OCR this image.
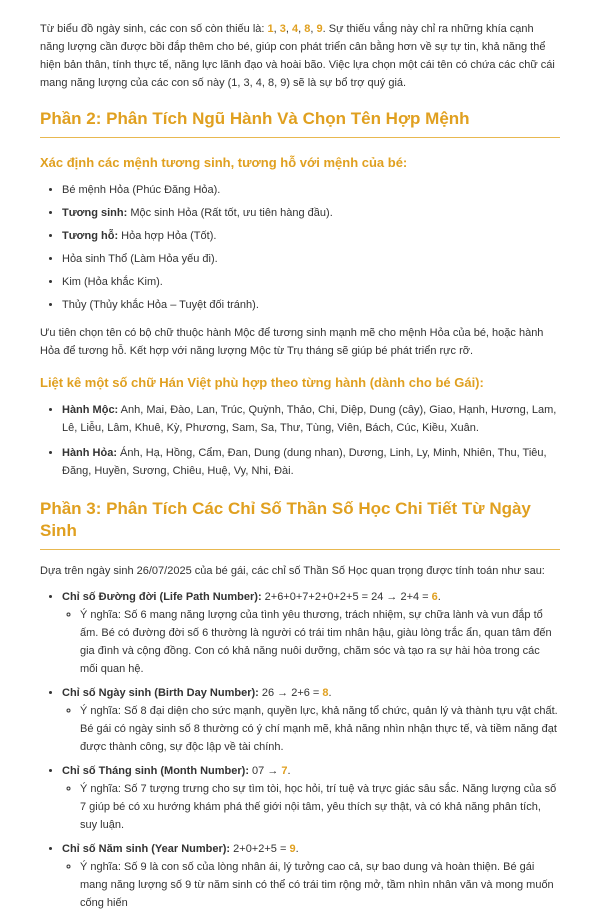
Từ biểu đồ ngày sinh, các con số còn thiếu là: 1, 3, 4, 8, 9. Sự thiếu vắng này chỉ ra những khía cạnh năng lượng cần được bồi đắp thêm cho bé, giúp con phát triển cân bằng hơn về sự tự tin, khả năng thể hiện bản thân, tính thực tế, năng lực lãnh đạo và hoài bão. Việc lựa chọn một cái tên có chứa các chữ cái mang năng lượng của các con số này (1, 3, 4, 8, 9) sẽ là sự bổ trợ quý giá.

Phần 2: Phân Tích Ngũ Hành Và Chọn Tên Hợp Mệnh
Xác định các mệnh tương sinh, tương hỗ với mệnh của bé:
• Bé mệnh Hỏa (Phúc Đăng Hỏa).
• Tương sinh: Mộc sinh Hỏa (Rất tốt, ưu tiên hàng đầu).
• Tương hỗ: Hỏa hợp Hỏa (Tốt).
• Hỏa sinh Thổ (Làm Hỏa yếu đi).
• Kim (Hỏa khắc Kim).
• Thủy (Thủy khắc Hỏa – Tuyệt đối tránh).

Ưu tiên chọn tên có bộ chữ thuộc hành Mộc để tương sinh mạnh mẽ cho mệnh Hỏa của bé, hoặc hành Hỏa để tương hỗ. Kết hợp với năng lượng Mộc từ Trụ tháng sẽ giúp bé phát triển rực rỡ.

Liệt kê một số chữ Hán Việt phù hợp theo từng hành (dành cho bé Gái):
• Hành Mộc: Anh, Mai, Đào, Lan, Trúc, Quỳnh, Thảo, Chi, Diệp, Dung (cây), Giao, Hạnh, Hương, Lam, Lê, Liễu, Lâm, Khuê, Kỳ, Phương, Sam, Sa, Thư, Tùng, Viên, Bách, Cúc, Kiều, Xuân.
• Hành Hỏa: Ánh, Hạ, Hồng, Cẩm, Đan, Dung (dung nhan), Dương, Linh, Ly, Minh, Nhiên, Thu, Tiêu, Đăng, Huyền, Sương, Chiêu, Huệ, Vy, Nhi, Đài.
Phần 3: Phân Tích Các Chỉ Số Thần Số Học Chi Tiết Từ Ngày Sinh

Dựa trên ngày sinh 26/07/2025 của bé gái, các chỉ số Thần Số Học quan trọng được tính toán như sau:

• Chỉ số Đường đời (Life Path Number): 2+6+0+7+2+0+2+5 = 24 → 2+4 = 6.
◦ Ý nghĩa: Số 6 mang năng lượng của tình yêu thương, trách nhiệm, sự chữa lành và vun đắp tổ ấm. Bé có đường đời số 6 thường là người có trái tim nhân hậu, giàu lòng trắc ẩn, quan tâm đến gia đình và cộng đồng. Con có khả năng nuôi dưỡng, chăm sóc và tạo ra sự hài hòa trong các mối quan hệ.
• Chỉ số Ngày sinh (Birth Day Number): 26 → 2+6 = 8.
◦ Ý nghĩa: Số 8 đại diện cho sức mạnh, quyền lực, khả năng tổ chức, quản lý và thành tựu vật chất. Bé gái có ngày sinh số 8 thường có ý chí mạnh mẽ, khả năng nhìn nhận thực tế, và tiềm năng đạt được thành công, sự độc lập về tài chính.
• Chỉ số Tháng sinh (Month Number): 07 → 7.
◦ Ý nghĩa: Số 7 tượng trưng cho sự tìm tòi, học hỏi, trí tuệ và trực giác sâu sắc. Năng lượng của số 7 giúp bé có xu hướng khám phá thế giới nội tâm, yêu thích sự thật, và có khả năng phân tích, suy luận.
• Chỉ số Năm sinh (Year Number): 2+0+2+5 = 9.
◦ Ý nghĩa: Số 9 là con số của lòng nhân ái, lý tưởng cao cả, sự bao dung và hoàn thiện. Bé gái mang năng lượng số 9 từ năm sinh có thể có trái tim rộng mở, tầm nhìn nhân văn và mong muốn cống hiến
